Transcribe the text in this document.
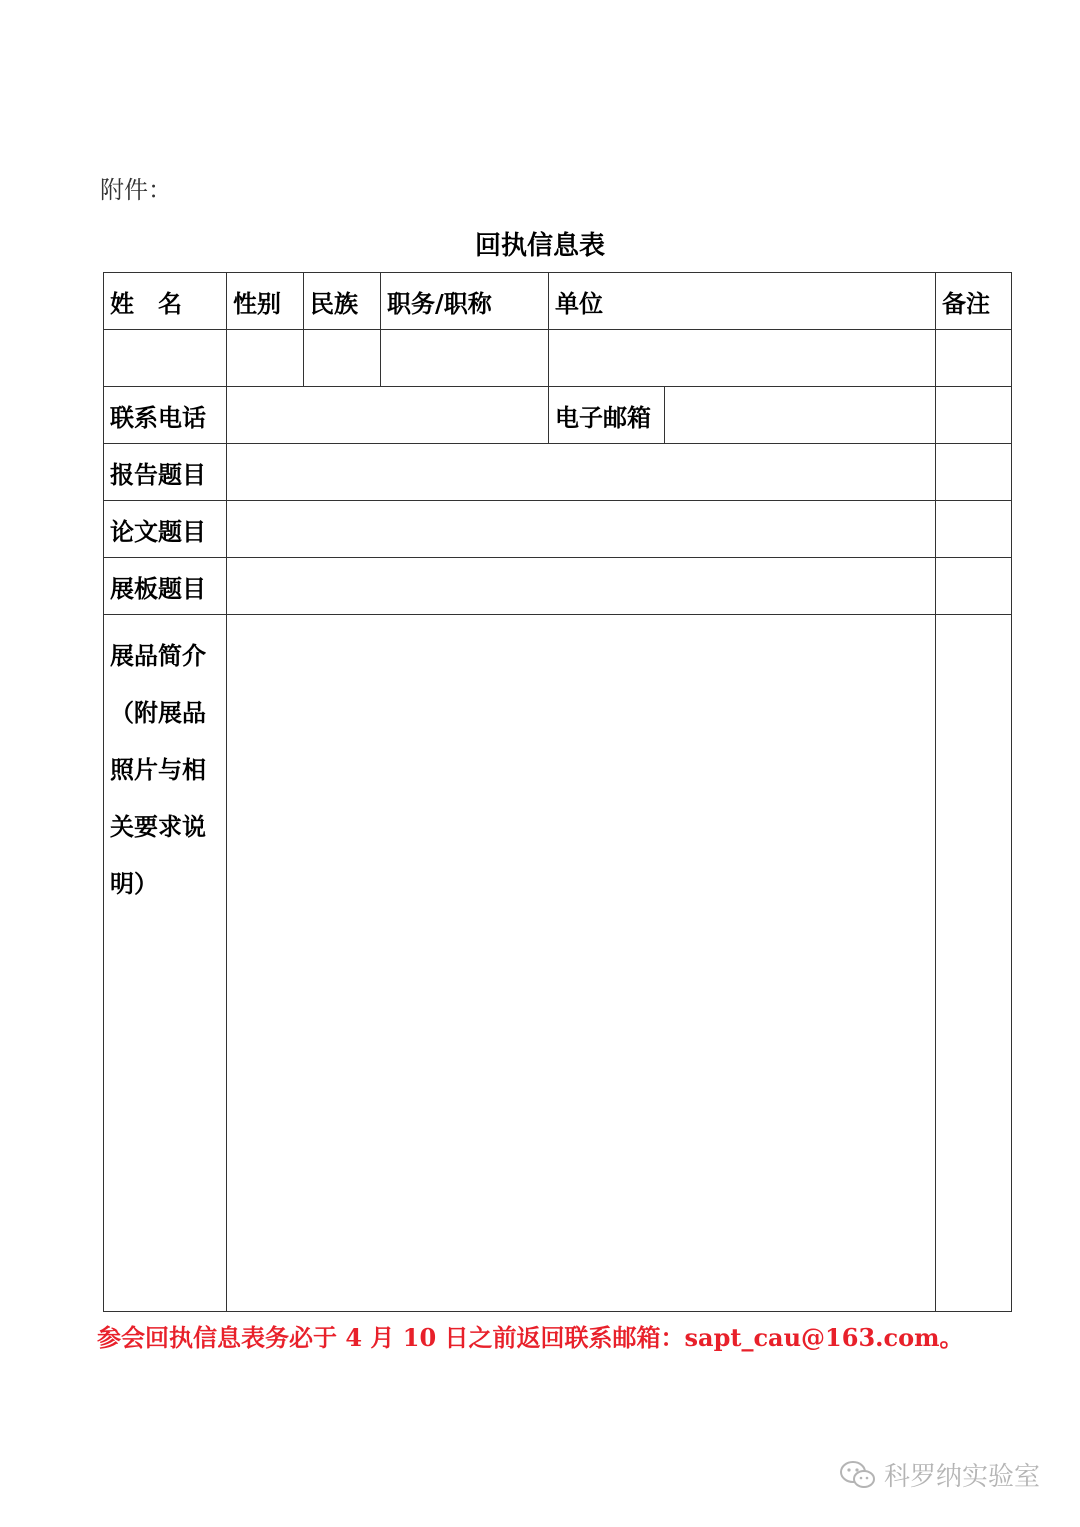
附件：
回执信息表
姓　名	性别	民族	职务/职称	单位		备注

联系电话				电子邮箱		
报告题目						
论文题目						
展板题目						

展品简介
（附展品
照片与相
关要求说
明）						

参会回执信息表务必于 4 月 10 日之前返回联系邮箱：sapt_cau@163.com。
科罗纳实验室
